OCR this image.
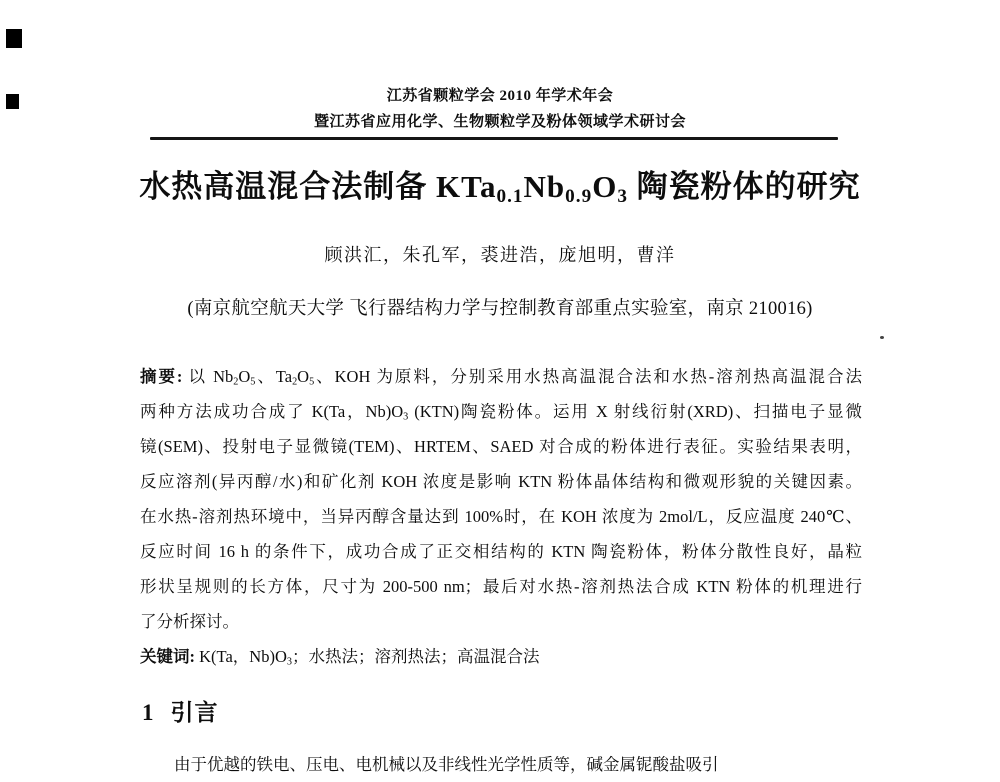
江苏省颗粒学会 2010 年学术年会
暨江苏省应用化学、生物颗粒学及粉体领域学术研讨会
水热高温混合法制备 $KTa_{0.1}Nb_{0.9}O_3$ 陶瓷粉体的研究
顾洪汇，朱孔军，裘进浩，庞旭明，曹洋
(南京航空航天大学 飞行器结构力学与控制教育部重点实验室，南京 210016)
摘要: 以 $Nb_2O_5$、$Ta_2O_5$、KOH 为原料，分别采用水热高温混合法和水热-溶剂热高温混合法
两种方法成功合成了 K(Ta，$Nb)O_3$ (KTN)陶瓷粉体。运用 X 射线衍射(XRD)、扫描电子显微
镜(SEM)、投射电子显微镜(TEM)、HRTEM、SAED 对合成的粉体进行表征。实验结果表明，
反应溶剂(异丙醇/水)和矿化剂 KOH 浓度是影响 KTN 粉体晶体结构和微观形貌的关键因素。
在水热-溶剂热环境中，当异丙醇含量达到 100%时，在 KOH 浓度为 2mol/L，反应温度 240℃、
反应时间 16 h 的条件下，成功合成了正交相结构的 KTN 陶瓷粉体，粉体分散性良好，晶粒
形状呈规则的长方体，尺寸为 200-500 nm；最后对水热-溶剂热法合成 KTN 粉体的机理进行
了分析探讨。
关键词: K(Ta，$Nb)O_3$；水热法；溶剂热法；高温混合法
1 引言
由于优越的铁电、压电、电机械以及非线性光学性质等，碱金属铌酸盐吸引
